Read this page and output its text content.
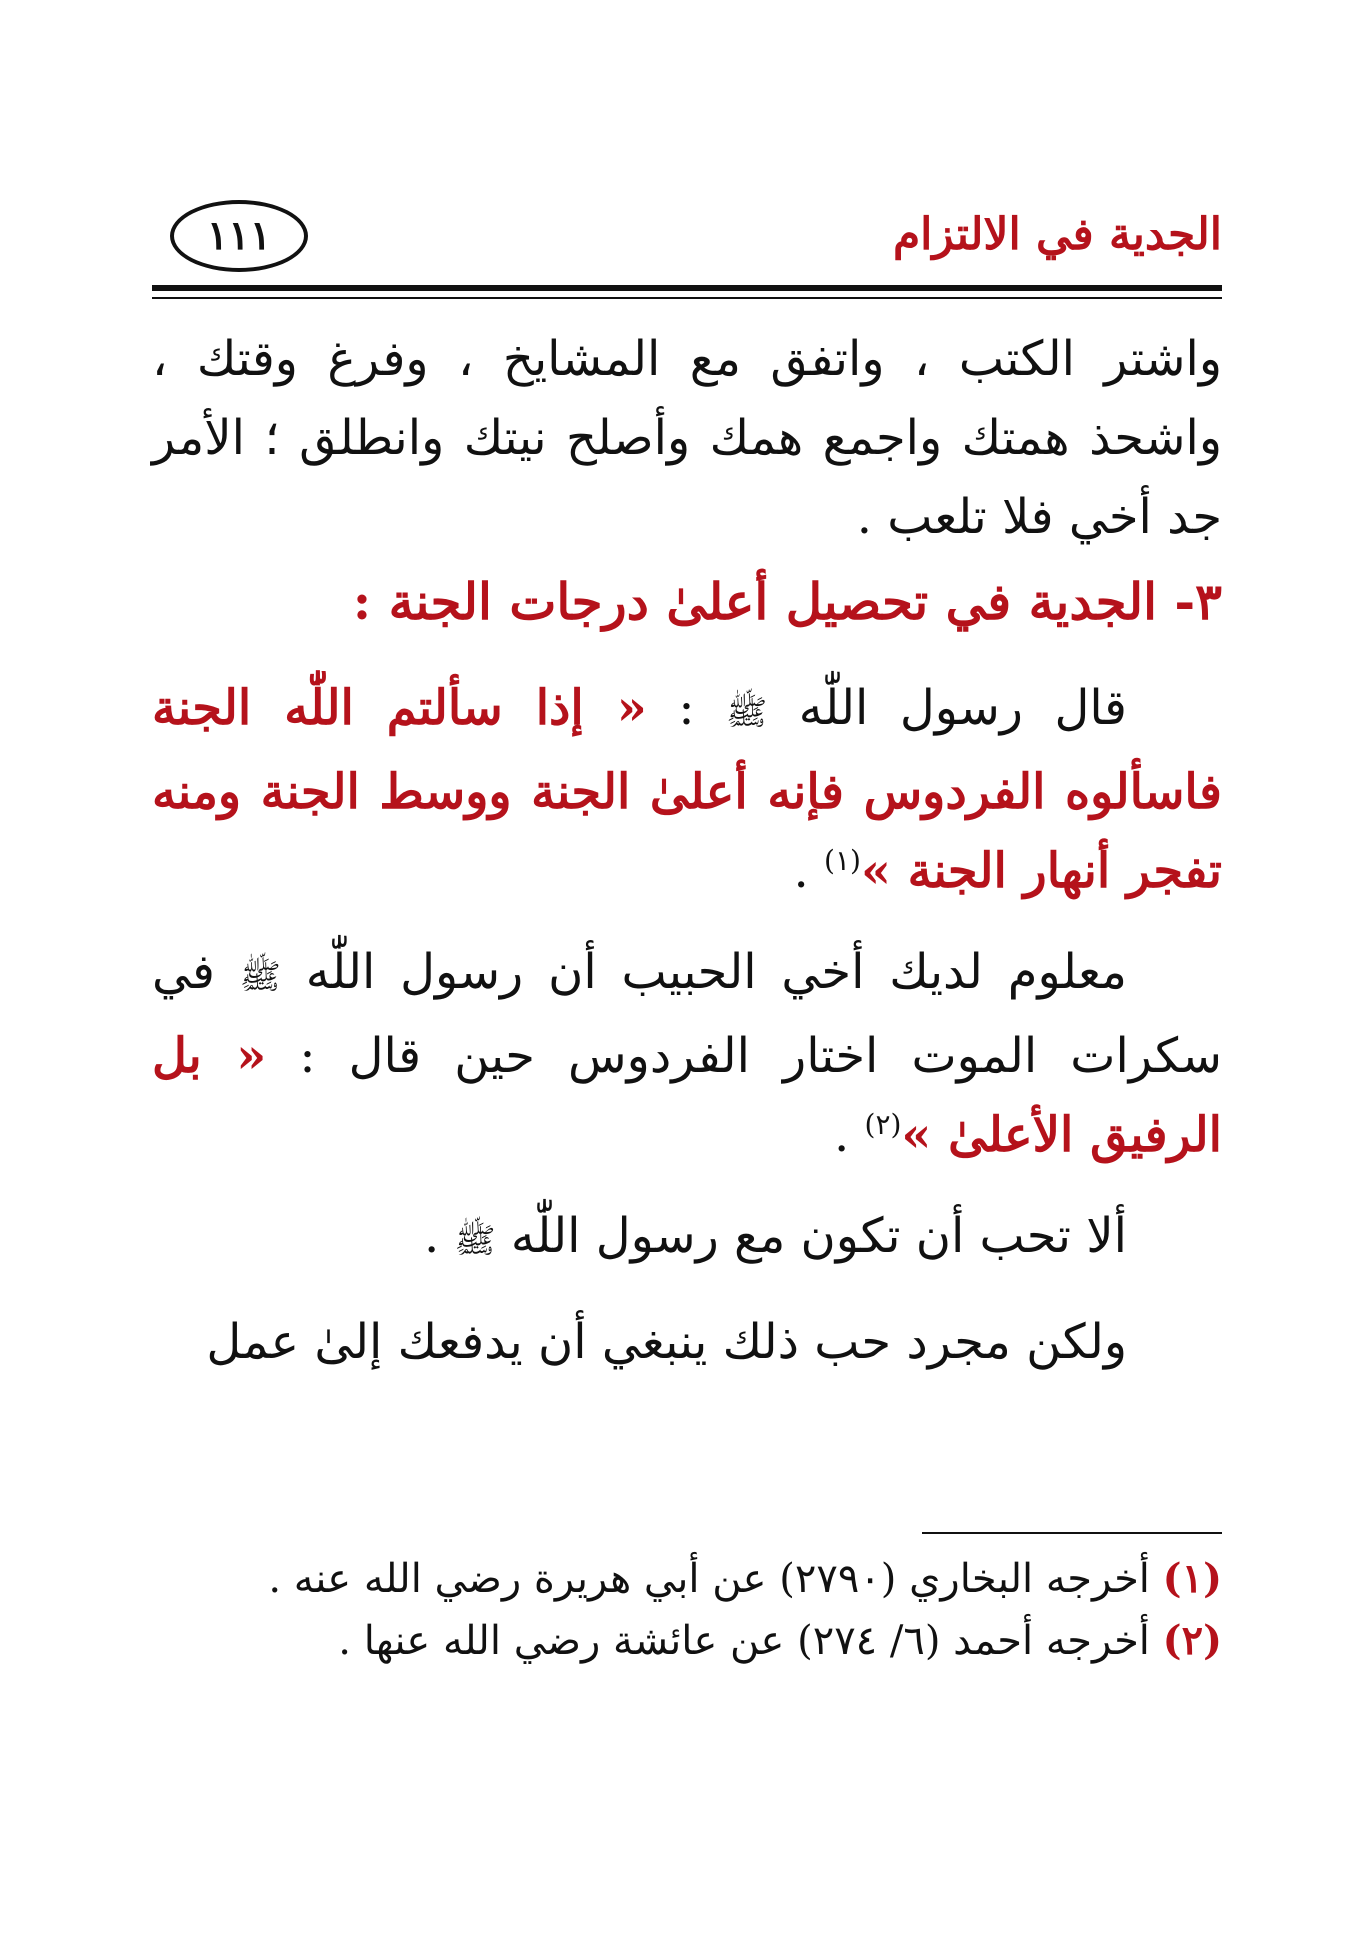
الجدية في الالتزام
١١١

واشتر الكتب ، واتفق مع المشايخ ، وفرغ وقتك ، واشحذ همتك واجمع همك وأصلح نيتك وانطلق ؛ الأمر جد أخي فلا تلعب .

٣- الجدية في تحصيل أعلىٰ درجات الجنة :

قال رسول اللّٰه ﷺ : « إذا سألتم اللّٰه الجنة فاسألوه الفردوس فإنه أعلىٰ الجنة ووسط الجنة ومنه تفجر أنهار الجنة »$^{(١)}$ .

معلوم لديك أخي الحبيب أن رسول اللّٰه ﷺ في سكرات الموت اختار الفردوس حين قال : « بل الرفيق الأعلىٰ »$^{(٢)}$ .

ألا تحب أن تكون مع رسول اللّٰه ﷺ .

ولكن مجرد حب ذلك ينبغي أن يدفعك إلىٰ عمل

(١) أخرجه البخاري (٢٧٩٠) عن أبي هريرة رضي الله عنه .

(٢) أخرجه أحمد (٦/ ٢٧٤) عن عائشة رضي الله عنها .
